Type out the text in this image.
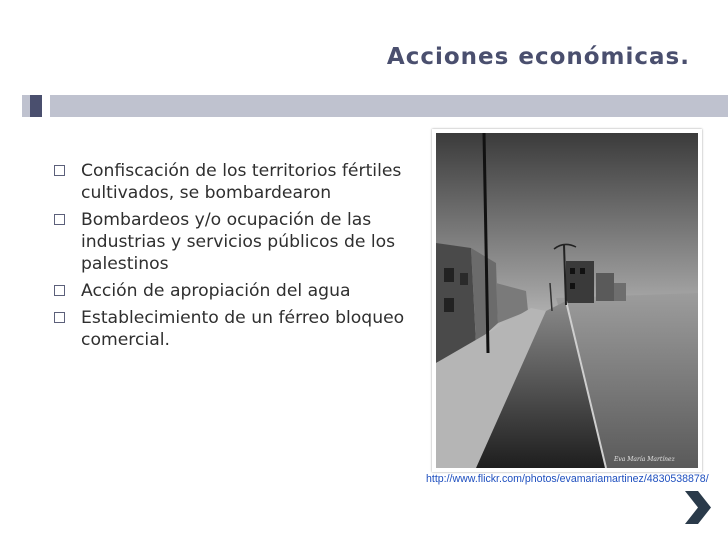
Acciones económicas.
Confiscación de los territorios fértiles cultivados, se bombardearon
Bombardeos y/o ocupación de las industrias y servicios públicos de los palestinos
Acción de apropiación del agua
Establecimiento de un férreo bloqueo comercial.
Eva María Martínez
http://www.flickr.com/photos/evamariamartinez/4830538878/
